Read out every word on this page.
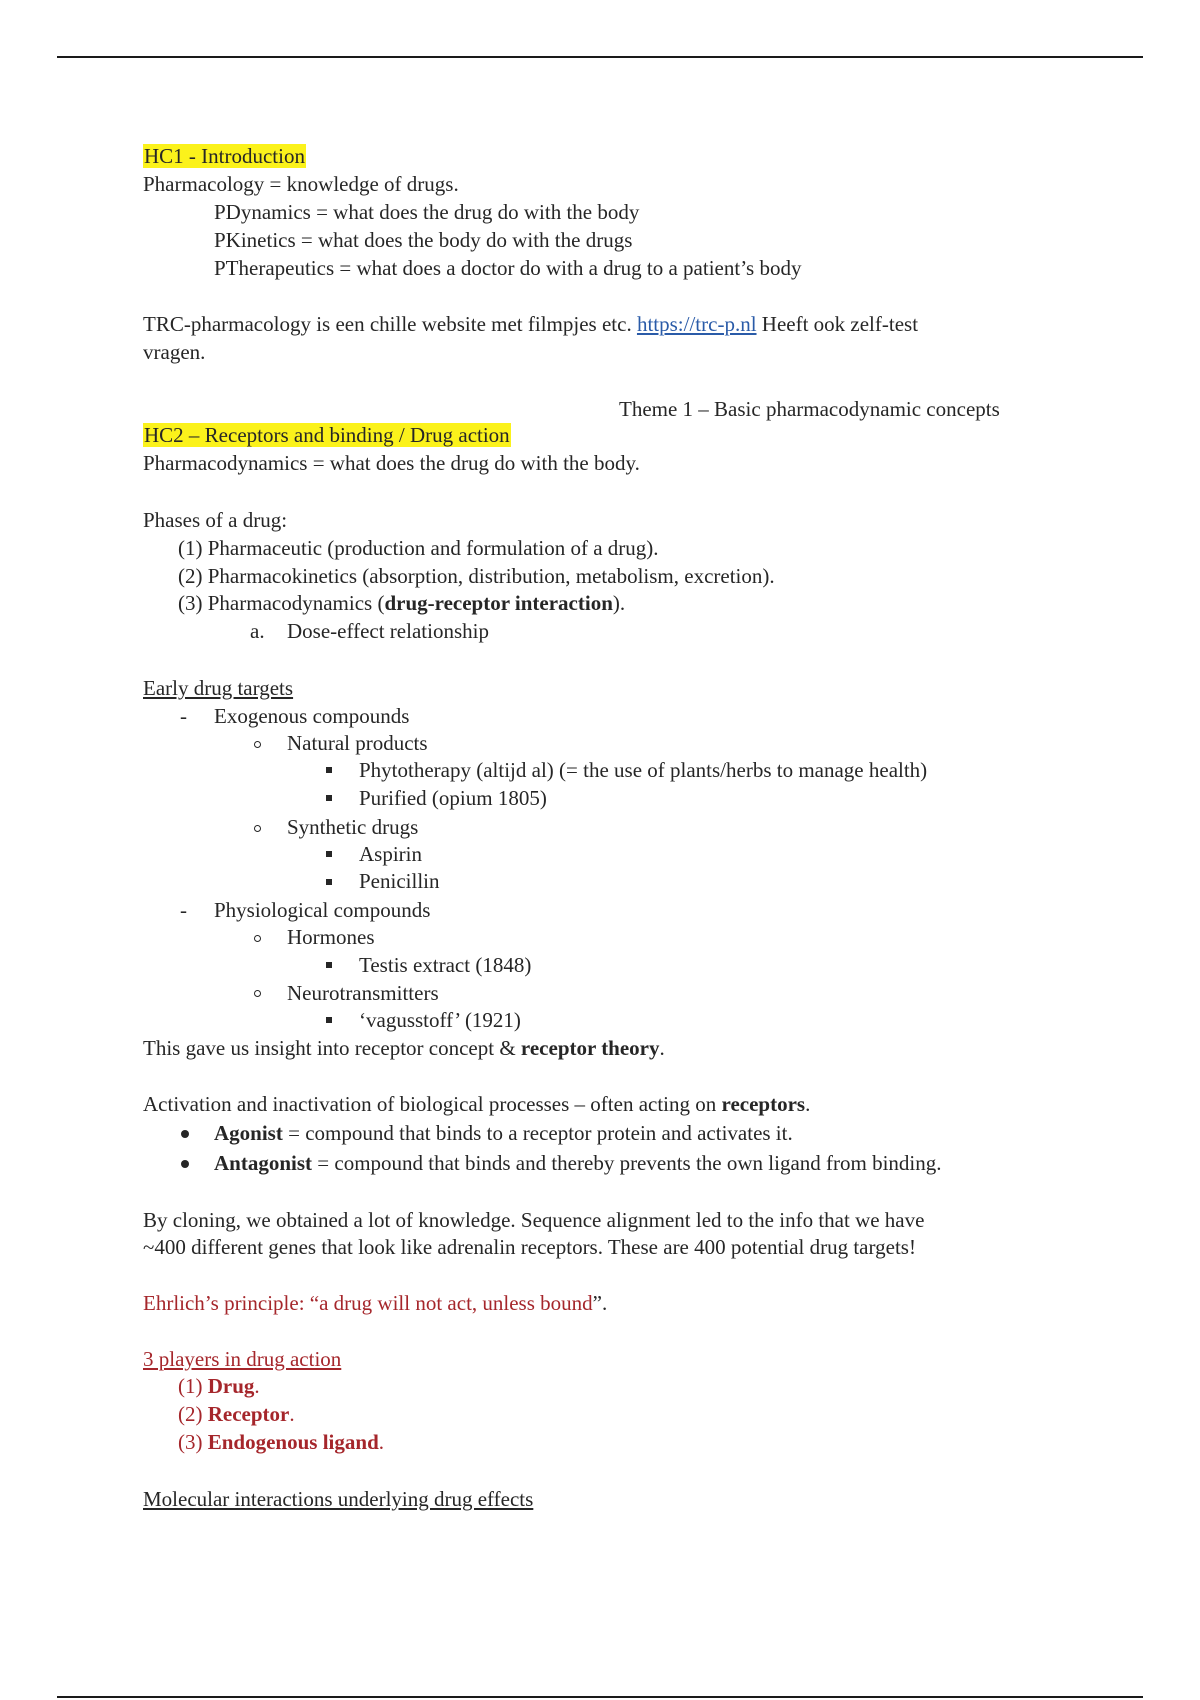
HC1 - Introduction
Pharmacology = knowledge of drugs.
PDynamics = what does the drug do with the body
PKinetics = what does the body do with the drugs
PTherapeutics = what does a doctor do with a drug to a patient’s body
TRC-pharmacology is een chille website met filmpjes etc. https://trc-p.nl Heeft ook zelf-test
vragen.
Theme 1 – Basic pharmacodynamic concepts
HC2 – Receptors and binding / Drug action
Pharmacodynamics = what does the drug do with the body.
Phases of a drug:
(1) Pharmaceutic (production and formulation of a drug).
(2) Pharmacokinetics (absorption, distribution, metabolism, excretion).
(3) Pharmacodynamics (drug-receptor interaction).
a. Dose-effect relationship
Early drug targets
- Exogenous compounds
Natural products
Phytotherapy (altijd al) (= the use of plants/herbs to manage health)
Purified (opium 1805)
Synthetic drugs
Aspirin
Penicillin
- Physiological compounds
Hormones
Testis extract (1848)
Neurotransmitters
‘vagusstoff’ (1921)
This gave us insight into receptor concept & receptor theory.
Activation and inactivation of biological processes – often acting on receptors.
Agonist = compound that binds to a receptor protein and activates it.
Antagonist = compound that binds and thereby prevents the own ligand from binding.
By cloning, we obtained a lot of knowledge. Sequence alignment led to the info that we have
~400 different genes that look like adrenalin receptors. These are 400 potential drug targets!
Ehrlich’s principle: “a drug will not act, unless bound”.
3 players in drug action
(1) Drug.
(2) Receptor.
(3) Endogenous ligand.
Molecular interactions underlying drug effects
